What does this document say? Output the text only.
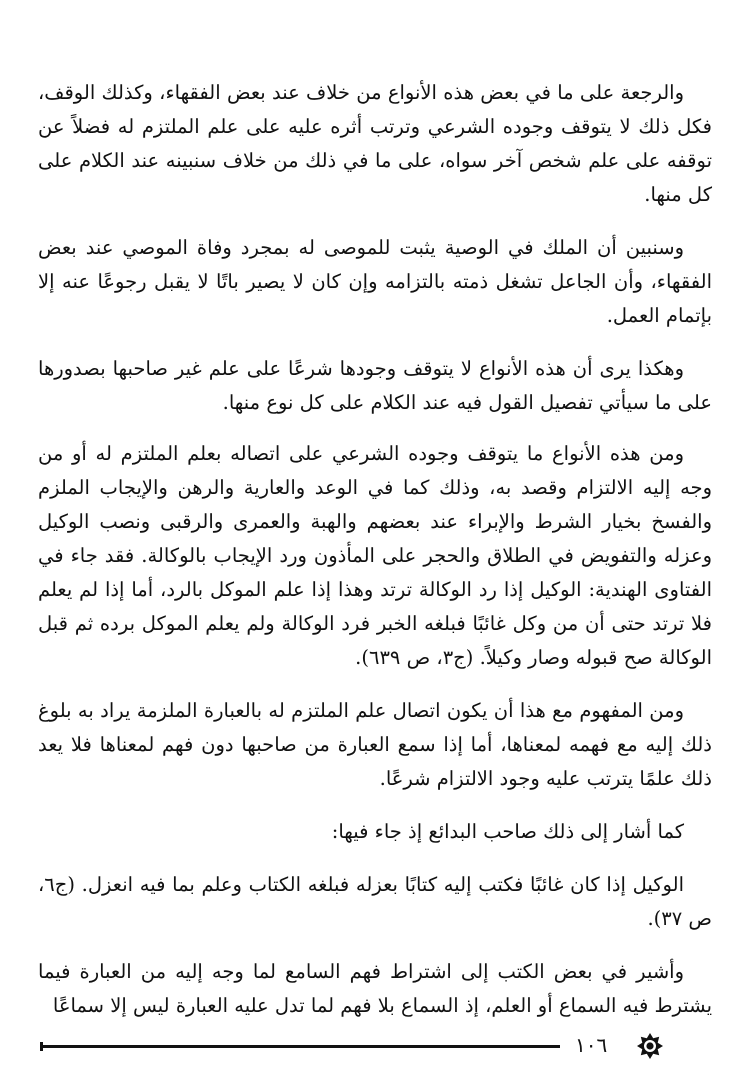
والرجعة على ما في بعض هذه الأنواع من خلاف عند بعض الفقهاء، وكذلك الوقف، فكل ذلك لا يتوقف وجوده الشرعي وترتب أثره عليه على علم الملتزم له فضلاً عن توقفه على علم شخص آخر سواه، على ما في ذلك من خلاف سنبينه عند الكلام على كل منها.

وسنبين أن الملك في الوصية يثبت للموصى له بمجرد وفاة الموصي عند بعض الفقهاء، وأن الجاعل تشغل ذمته بالتزامه وإن كان لا يصير باتًا لا يقبل رجوعًا عنه إلا بإتمام العمل.

وهكذا يرى أن هذه الأنواع لا يتوقف وجودها شرعًا على علم غير صاحبها بصدورها على ما سيأتي تفصيل القول فيه عند الكلام على كل نوع منها.

ومن هذه الأنواع ما يتوقف وجوده الشرعي على اتصاله بعلم الملتزم له أو من وجه إليه الالتزام وقصد به، وذلك كما في الوعد والعارية والرهن والإيجاب الملزم والفسخ بخيار الشرط والإبراء عند بعضهم والهبة والعمرى والرقبى ونصب الوكيل وعزله والتفويض في الطلاق والحجر على المأذون ورد الإيجاب بالوكالة. فقد جاء في الفتاوى الهندية: الوكيل إذا رد الوكالة ترتد وهذا إذا علم الموكل بالرد، أما إذا لم يعلم فلا ترتد حتى أن من وكل غائبًا فبلغه الخبر فرد الوكالة ولم يعلم الموكل برده ثم قبل الوكالة صح قبوله وصار وكيلاً. (ج٣، ص ٦٣٩).

ومن المفهوم مع هذا أن يكون اتصال علم الملتزم له بالعبارة الملزمة يراد به بلوغ ذلك إليه مع فهمه لمعناها، أما إذا سمع العبارة من صاحبها دون فهم لمعناها فلا يعد ذلك علمًا يترتب عليه وجود الالتزام شرعًا.

كما أشار إلى ذلك صاحب البدائع إذ جاء فيها:

الوكيل إذا كان غائبًا فكتب إليه كتابًا بعزله فبلغه الكتاب وعلم بما فيه انعزل. (ج٦، ص ٣٧).

وأشير في بعض الكتب إلى اشتراط فهم السامع لما وجه إليه من العبارة فيما يشترط فيه السماع أو العلم، إذ السماع بلا فهم لما تدل عليه العبارة ليس إلا سماعًا

١٠٦
